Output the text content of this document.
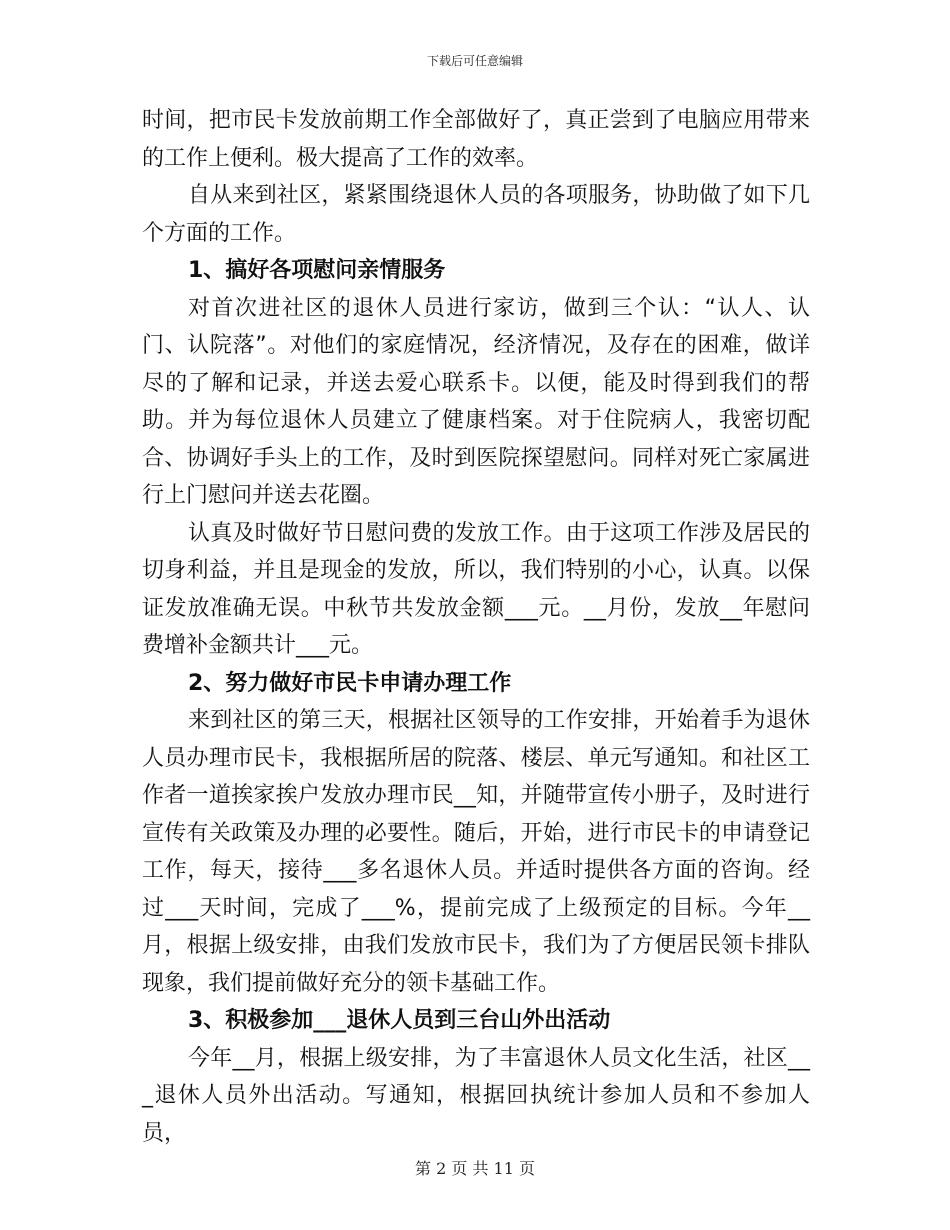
下载后可任意编辑

时间，把市民卡发放前期工作全部做好了，真正尝到了电脑应用带来的工作上便利。极大提高了工作的效率。

自从来到社区，紧紧围绕退休人员的各项服务，协助做了如下几个方面的工作。

1、搞好各项慰问亲情服务

对首次进社区的退休人员进行家访，做到三个认：“认人、认门、认院落”。对他们的家庭情况，经济情况，及存在的困难，做详尽的了解和记录，并送去爱心联系卡。以便，能及时得到我们的帮助。并为每位退休人员建立了健康档案。对于住院病人，我密切配合、协调好手头上的工作，及时到医院探望慰问。同样对死亡家属进行上门慰问并送去花圈。

认真及时做好节日慰问费的发放工作。由于这项工作涉及居民的切身利益，并且是现金的发放，所以，我们特别的小心，认真。以保证发放准确无误。中秋节共发放金额___元。__月份，发放__年慰问费增补金额共计___元。

2、努力做好市民卡申请办理工作

来到社区的第三天，根据社区领导的工作安排，开始着手为退休人员办理市民卡，我根据所居的院落、楼层、单元写通知。和社区工作者一道挨家挨户发放办理市民__知，并随带宣传小册子，及时进行宣传有关政策及办理的必要性。随后，开始，进行市民卡的申请登记工作，每天，接待___多名退休人员。并适时提供各方面的咨询。经过___天时间，完成了___%，提前完成了上级预定的目标。今年__月，根据上级安排，由我们发放市民卡，我们为了方便居民领卡排队现象，我们提前做好充分的领卡基础工作。

3、积极参加___退休人员到三台山外出活动

今年__月，根据上级安排，为了丰富退休人员文化生活，社区___退休人员外出活动。写通知，根据回执统计参加人员和不参加人员，

第 2 页 共 11 页
